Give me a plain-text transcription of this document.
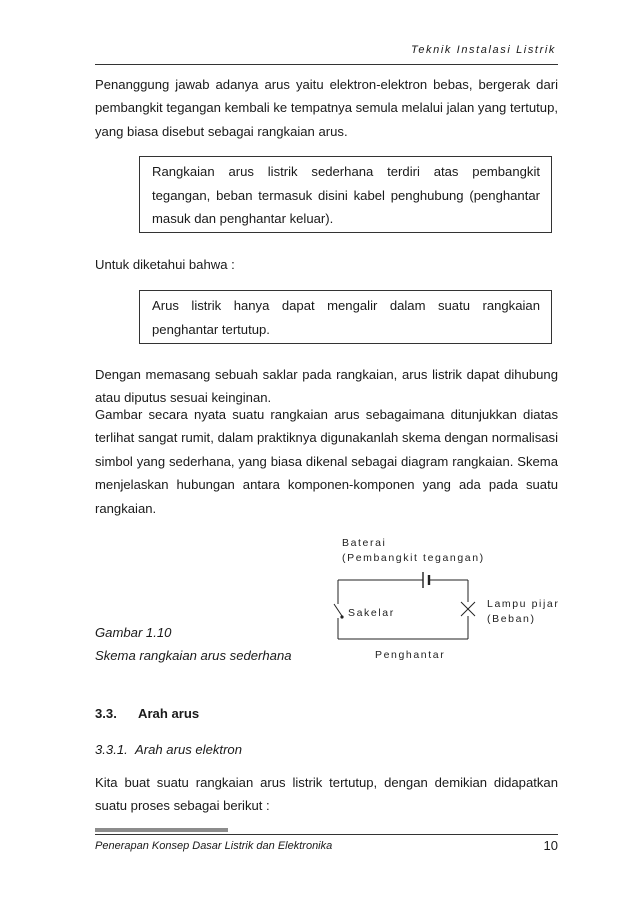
Teknik Instalasi Listrik

Penanggung jawab adanya arus yaitu elektron-elektron bebas, bergerak dari pembangkit tegangan kembali ke tempatnya semula melalui jalan yang tertutup, yang biasa disebut sebagai rangkaian arus.

Rangkaian arus listrik sederhana terdiri atas pembangkit tegangan, beban termasuk disini kabel penghubung (penghantar masuk dan penghantar keluar).

Untuk diketahui bahwa :

Arus listrik hanya dapat mengalir dalam suatu rangkaian penghantar tertutup.

Dengan memasang sebuah saklar pada rangkaian, arus listrik dapat dihubung atau diputus sesuai keinginan.

Gambar secara nyata suatu rangkaian arus sebagaimana ditunjukkan diatas terlihat sangat rumit, dalam praktiknya digunakanlah skema dengan normalisasi simbol yang sederhana, yang biasa dikenal sebagai diagram rangkaian. Skema menjelaskan hubungan antara komponen-komponen yang ada pada suatu rangkaian.

Baterai
(Pembangkit tegangan)
Sakelar
Lampu pijar
(Beban)
Penghantar
Gambar 1.10
Skema rangkaian arus sederhana
3.3. Arah arus
3.3.1. Arah arus elektron

Kita buat suatu rangkaian arus listrik tertutup, dengan demikian didapatkan suatu proses sebagai berikut :

Penerapan Konsep Dasar Listrik dan Elektronika	10
